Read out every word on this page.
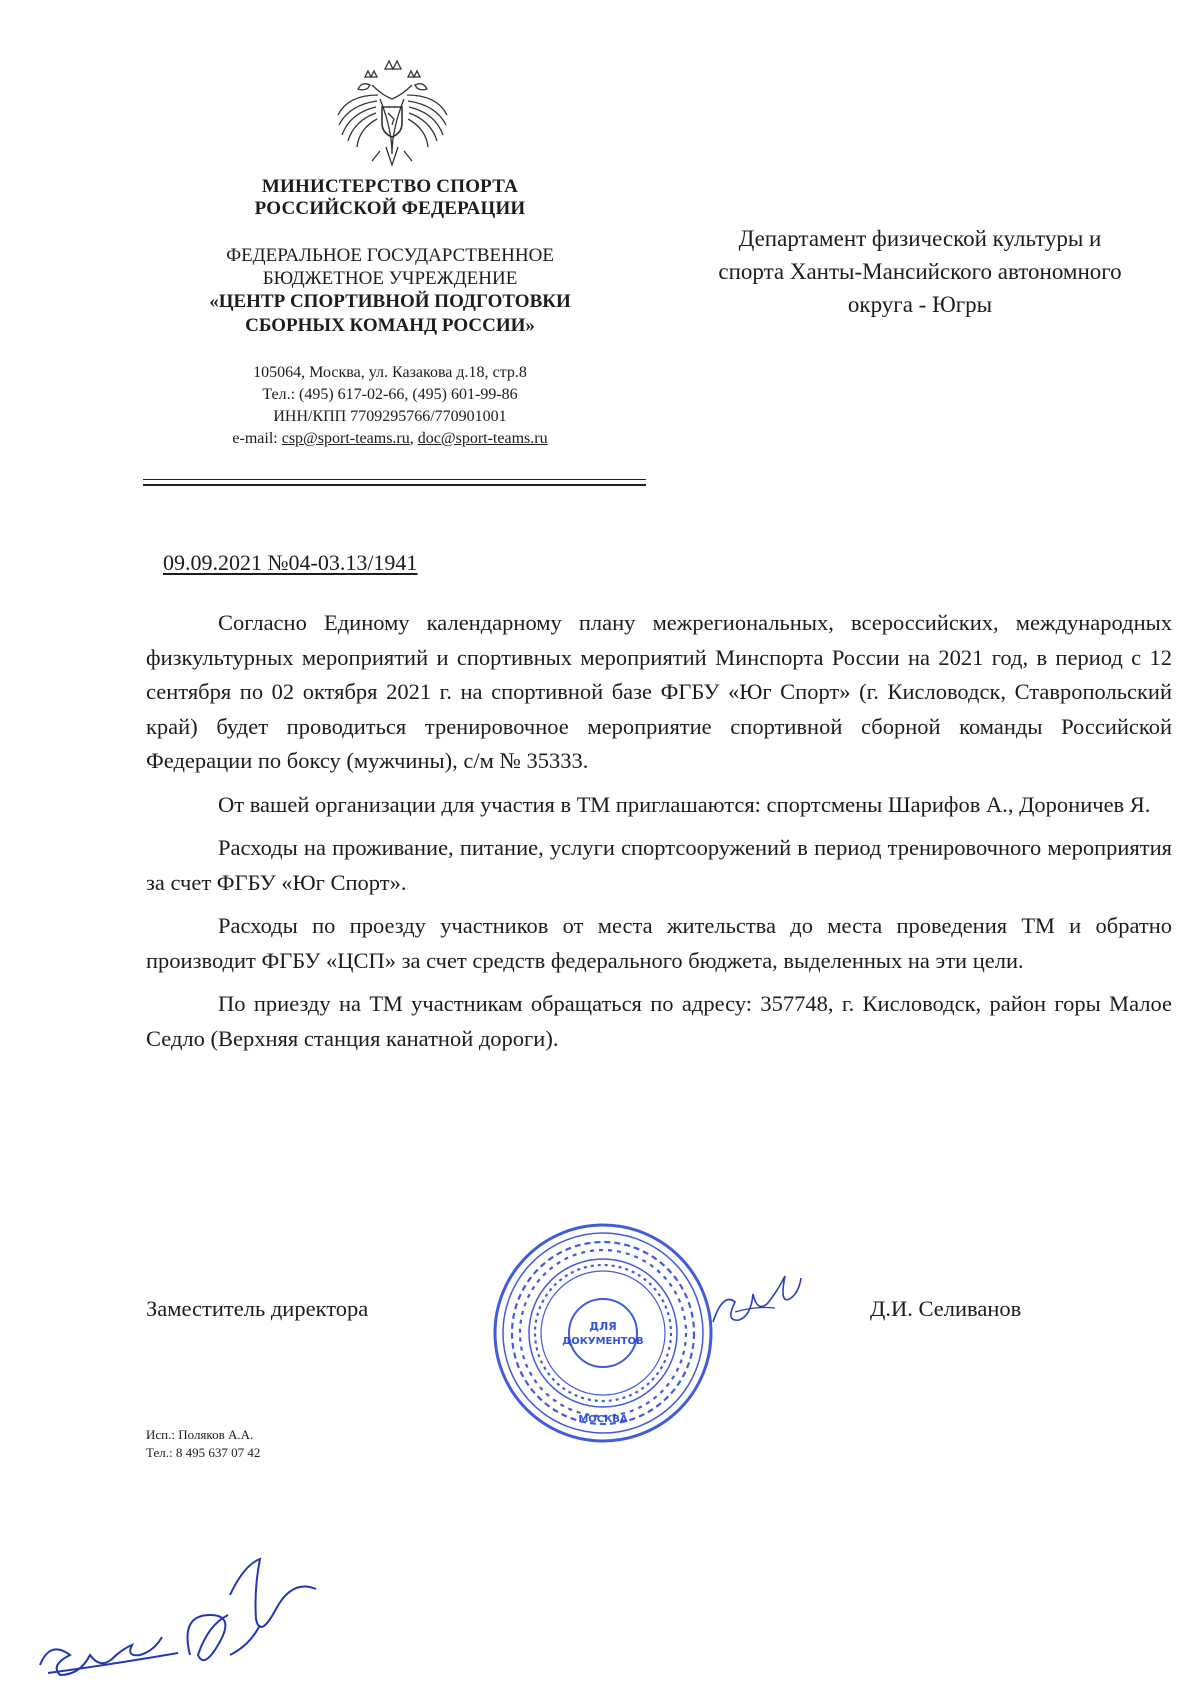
МИНИСТЕРСТВО СПОРТА
РОССИЙСКОЙ ФЕДЕРАЦИИ
ФЕДЕРАЛЬНОЕ ГОСУДАРСТВЕННОЕ
БЮДЖЕТНОЕ УЧРЕЖДЕНИЕ
«ЦЕНТР СПОРТИВНОЙ ПОДГОТОВКИ
СБОРНЫХ КОМАНД РОССИИ»
105064, Москва, ул. Казакова д.18, стр.8
Тел.: (495) 617-02-66, (495) 601-99-86
ИНН/КПП 7709295766/770901001
e-mail: csp@sport-teams.ru, doc@sport-teams.ru
Департамент физической культуры и
спорта Ханты-Мансийского автономного
округа - Югры
09.09.2021 №04-03.13/1941

Согласно Единому календарному плану межрегиональных, всероссийских, международных физкультурных мероприятий и спортивных мероприятий Минспорта России на 2021 год, в период с 12 сентября по 02 октября 2021 г. на спортивной базе ФГБУ «Юг Спорт» (г. Кисловодск, Ставропольский край) будет проводиться тренировочное мероприятие спортивной сборной команды Российской Федерации по боксу (мужчины), с/м № 35333.

От вашей организации для участия в ТМ приглашаются: спортсмены Шарифов А., Дороничев Я.

Расходы на проживание, питание, услуги спортсооружений в период тренировочного мероприятия за счет ФГБУ «Юг Спорт».

Расходы по проезду участников от места жительства до места проведения ТМ и обратно производит ФГБУ «ЦСП» за счет средств федерального бюджета, выделенных на эти цели.

По приезду на ТМ участникам обращаться по адресу: 357748, г. Кисловодск, район горы Малое Седло (Верхняя станция канатной дороги).

Заместитель директора	Д.И. Селиванов
ДЛЯ
ДОКУМЕНТОВ
МОСКВА
Исп.: Поляков А.А.
Тел.: 8 495 637 07 42
